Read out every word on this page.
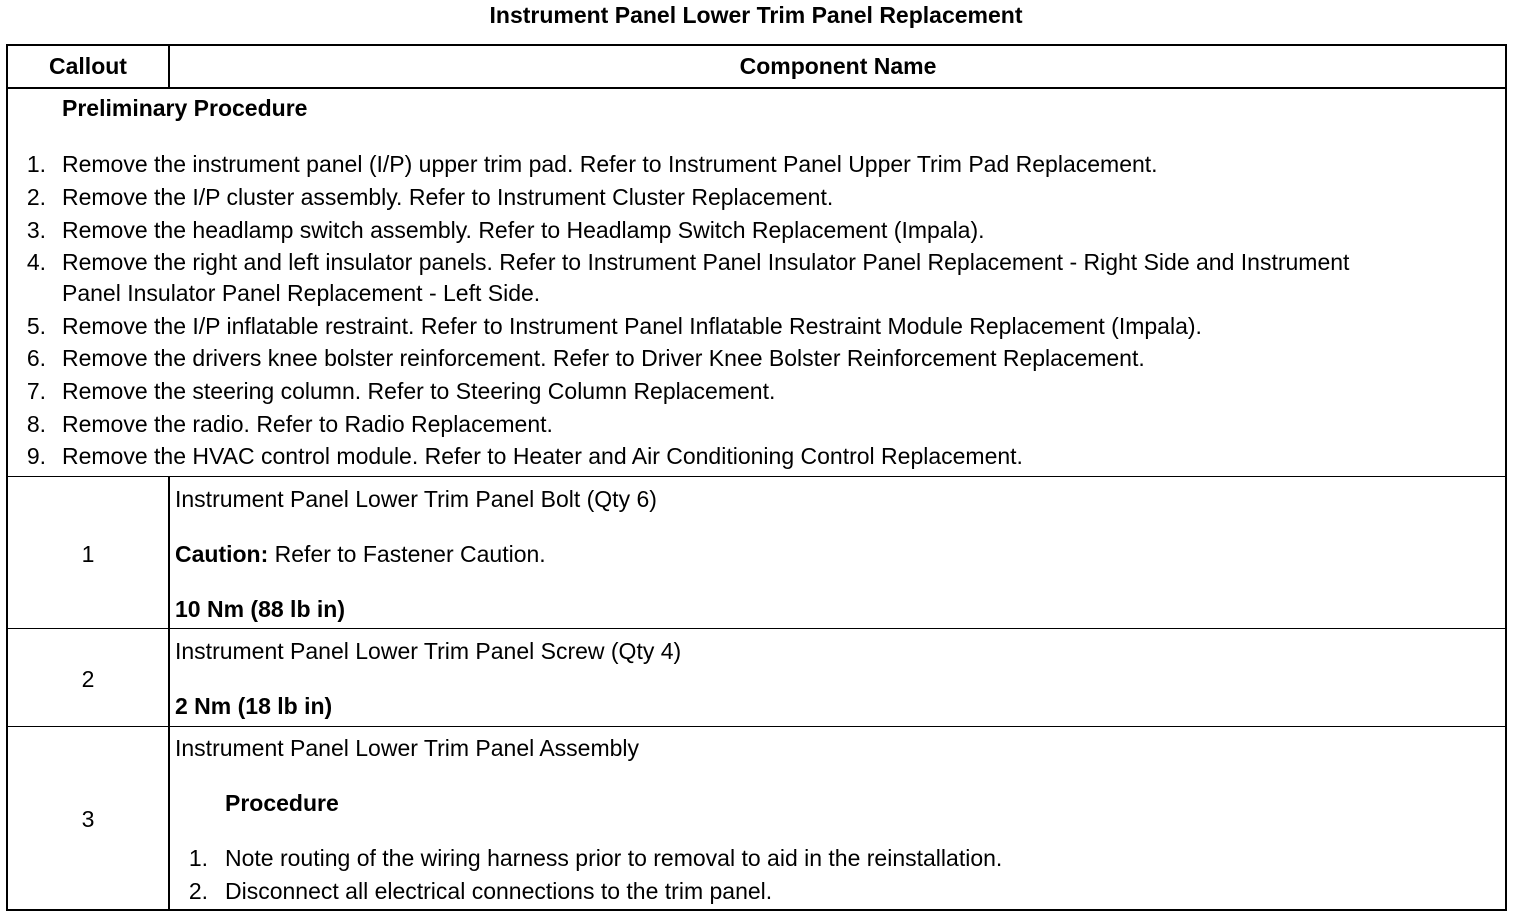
Instrument Panel Lower Trim Panel Replacement
Callout	Component Name
Preliminary Procedure
1. Remove the instrument panel (I/P) upper trim pad. Refer to Instrument Panel Upper Trim Pad Replacement.
2. Remove the I/P cluster assembly. Refer to Instrument Cluster Replacement.
3. Remove the headlamp switch assembly. Refer to Headlamp Switch Replacement (Impala).
4. Remove the right and left insulator panels. Refer to Instrument Panel Insulator Panel Replacement - Right Side and Instrument
Panel Insulator Panel Replacement - Left Side.
5. Remove the I/P inflatable restraint. Refer to Instrument Panel Inflatable Restraint Module Replacement (Impala).
6. Remove the drivers knee bolster reinforcement. Refer to Driver Knee Bolster Reinforcement Replacement.
7. Remove the steering column. Refer to Steering Column Replacement.
8. Remove the radio. Refer to Radio Replacement.
9. Remove the HVAC control module. Refer to Heater and Air Conditioning Control Replacement.
1
Instrument Panel Lower Trim Panel Bolt (Qty 6)
Caution: Refer to Fastener Caution.
10 Nm (88 lb in)
2
Instrument Panel Lower Trim Panel Screw (Qty 4)
2 Nm (18 lb in)
3
Instrument Panel Lower Trim Panel Assembly
Procedure
1. Note routing of the wiring harness prior to removal to aid in the reinstallation.
2. Disconnect all electrical connections to the trim panel.
